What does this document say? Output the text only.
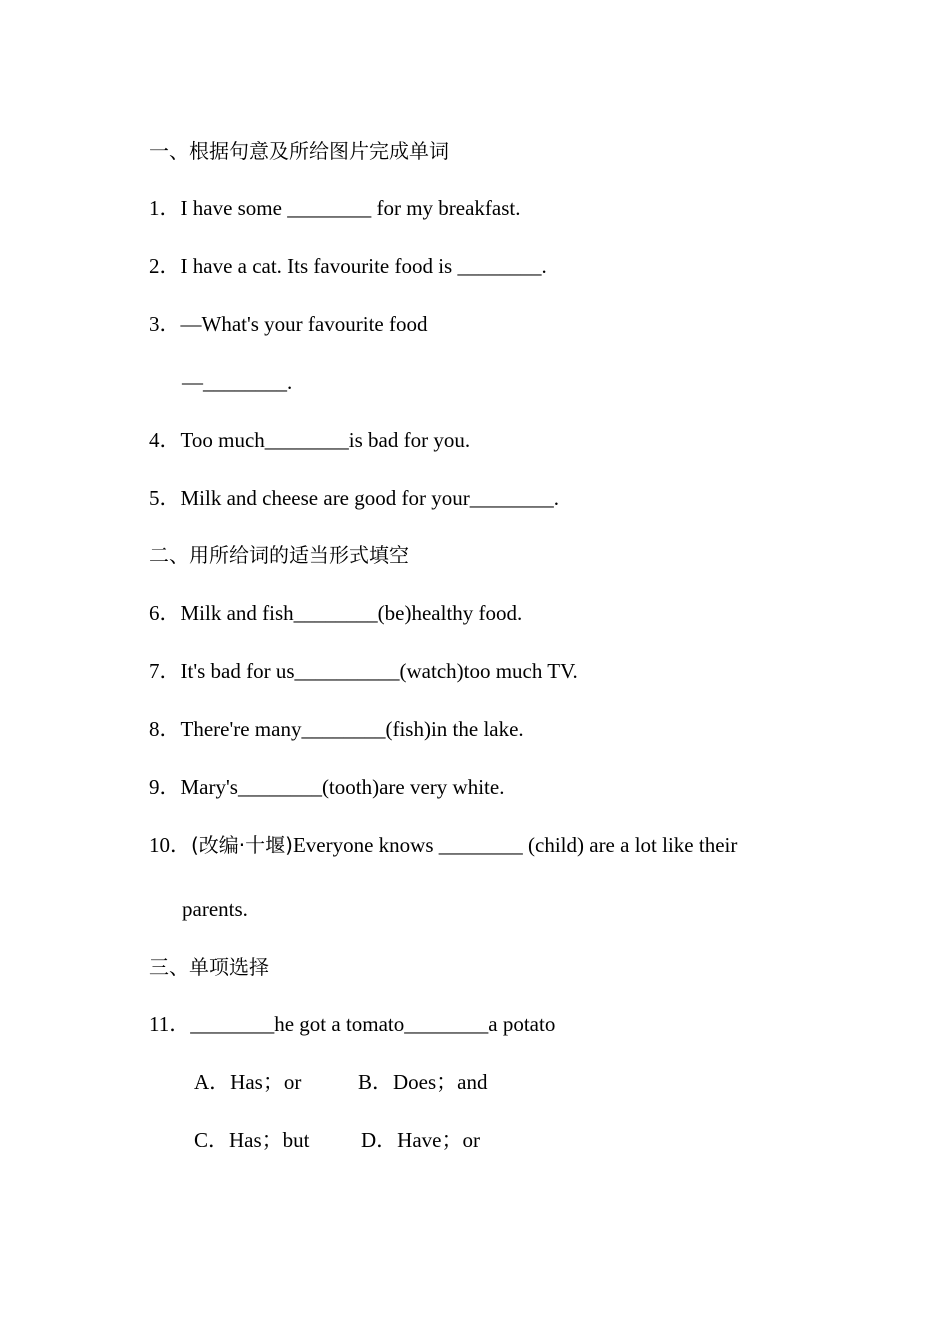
一、根据句意及所给图片完成单词
1．I have some ________ for my breakfast.
2．I have a cat. Its favourite food is ________.
3．—What's your favourite food
—________.
4．Too much________is bad for you.
5．Milk and cheese are good for your________.
二、用所给词的适当形式填空
6．Milk and fish________(be)healthy food.
7．It's bad for us__________(watch)too much TV.
8．There're many________(fish)in the lake.
9．Mary's________(tooth)are very white.
10．(改编·十堰)Everyone knows ________ (child) are a lot like their
parents.
三、单项选择
11．________he got a tomato________a potato
A．Has；or	B．Does；and
C．Has；but D．Have；or
